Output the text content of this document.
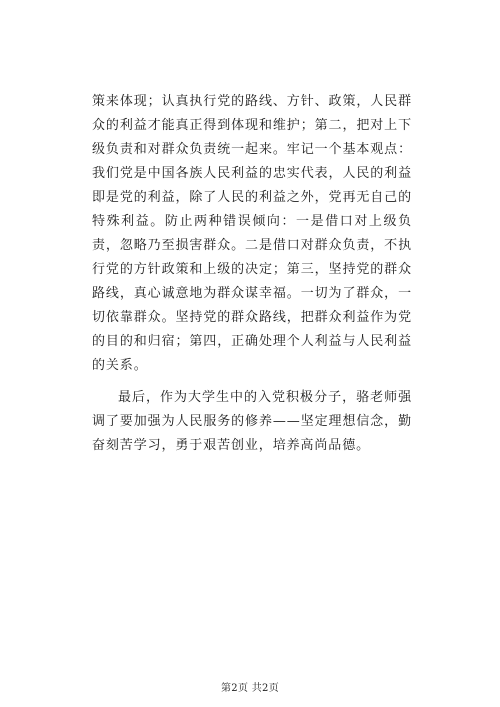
策来体现；认真执行党的路线、方针、政策，人民群众的利益才能真正得到体现和维护；第二，把对上下级负责和对群众负责统一起来。牢记一个基本观点：我们党是中国各族人民利益的忠实代表，人民的利益即是党的利益，除了人民的利益之外，党再无自己的特殊利益。防止两种错误倾向：一是借口对上级负责，忽略乃至损害群众。二是借口对群众负责，不执行党的方针政策和上级的决定；第三，坚持党的群众路线，真心诚意地为群众谋幸福。一切为了群众，一切依靠群众。坚持党的群众路线，把群众利益作为党的目的和归宿；第四，正确处理个人利益与人民利益的关系。

最后，作为大学生中的入党积极分子，骆老师强调了要加强为人民服务的修养——坚定理想信念，勤奋刻苦学习，勇于艰苦创业，培养高尚品德。

第2页 共2页
